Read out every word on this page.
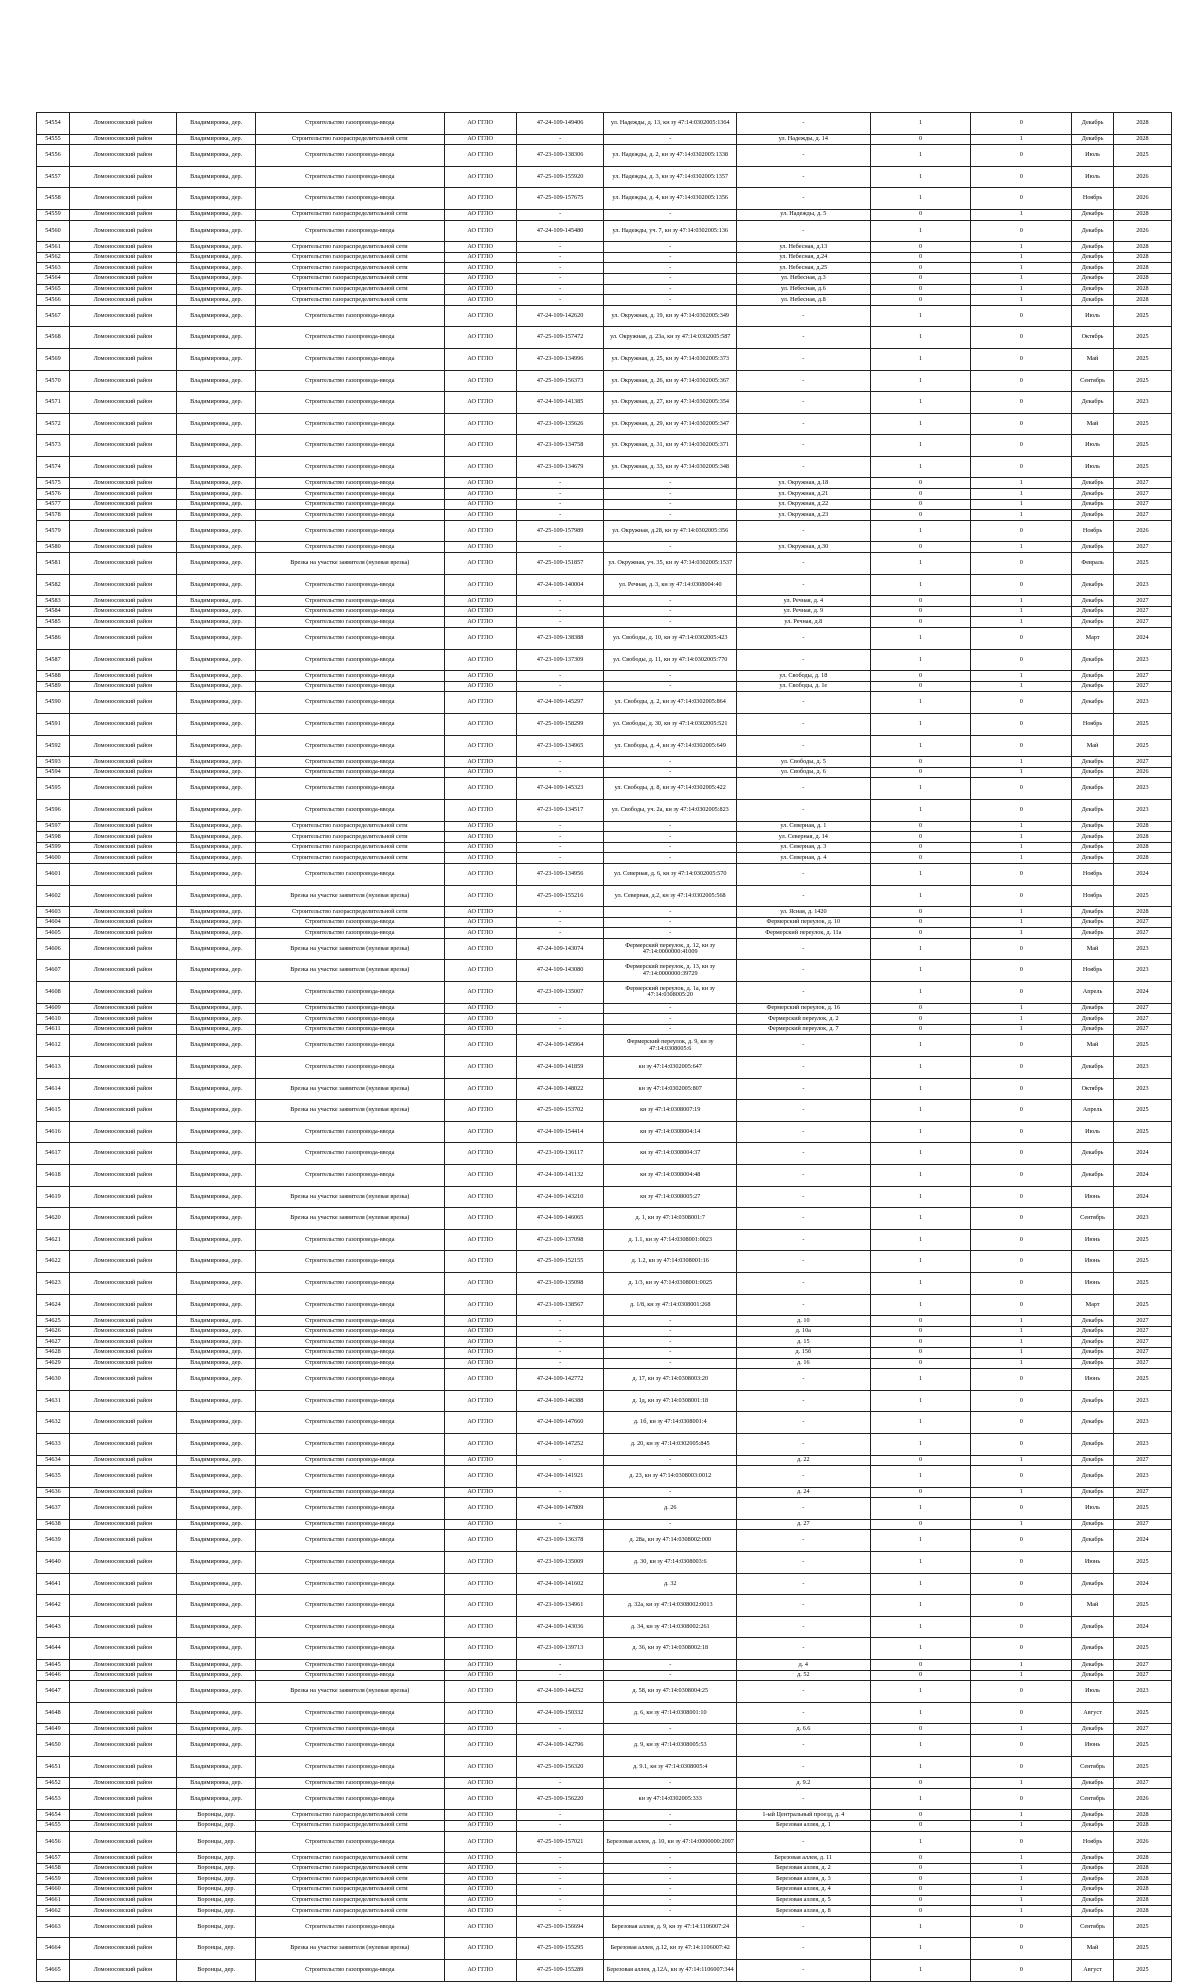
54554	Ломоносовский район	Владимировка, дер.	Строительство газопровода-ввода	АО ГГЛО	47-24-109-149406	ул. Надежды, д. 13, кн зу 47:14:0302005:1364	-	1	0	Декабрь	2028
54555	Ломоносовский район	Владимировка, дер.	Строительство газораспределительной сети	АО ГГЛО	-	-	ул. Надежды, д. 14	0	1	Декабрь	2028
54556	Ломоносовский район	Владимировка, дер.	Строительство газопровода-ввода	АО ГГЛО	47-23-109-138306	ул. Надежды, д. 2, кн зу 47:14:0302005:1338	-	1	0	Июль	2025
54557	Ломоносовский район	Владимировка, дер.	Строительство газопровода-ввода	АО ГГЛО	47-25-109-155920	ул. Надежды, д. 3, кн зу 47:14:0302005:1357	-	1	0	Июль	2026
54558	Ломоносовский район	Владимировка, дер.	Строительство газопровода-ввода	АО ГГЛО	47-25-109-157675	ул. Надежды, д. 4, кн зу 47:14:0302005:1356	-	1	0	Ноябрь	2026
54559	Ломоносовский район	Владимировка, дер.	Строительство газораспределительной сети	АО ГГЛО	-	-	ул. Надежды, д. 5	0	1	Декабрь	2028
54560	Ломоносовский район	Владимировка, дер.	Строительство газопровода-ввода	АО ГГЛО	47-24-109-145480	ул. Надежды, уч. 7, кн зу 47:14:0302005:136	-	1	0	Декабрь	2026
54561	Ломоносовский район	Владимировка, дер.	Строительство газораспределительной сети	АО ГГЛО	-	-	ул. Небесная, д.13	0	1	Декабрь	2028
54562	Ломоносовский район	Владимировка, дер.	Строительство газораспределительной сети	АО ГГЛО	-	-	ул. Небесная, д.24	0	1	Декабрь	2028
54563	Ломоносовский район	Владимировка, дер.	Строительство газораспределительной сети	АО ГГЛО	-	-	ул. Небесная, д.25	0	1	Декабрь	2028
54564	Ломоносовский район	Владимировка, дер.	Строительство газораспределительной сети	АО ГГЛО	-	-	ул. Небесная, д.3	0	1	Декабрь	2028
54565	Ломоносовский район	Владимировка, дер.	Строительство газораспределительной сети	АО ГГЛО	-	-	ул. Небесная, д.6	0	1	Декабрь	2028
54566	Ломоносовский район	Владимировка, дер.	Строительство газораспределительной сети	АО ГГЛО	-	-	ул. Небесная, д.8	0	1	Декабрь	2028
54567	Ломоносовский район	Владимировка, дер.	Строительство газопровода-ввода	АО ГГЛО	47-24-109-142620	ул. Окружная, д. 19, кн зу 47:14:0302005:349	-	1	0	Июль	2025
54568	Ломоносовский район	Владимировка, дер.	Строительство газопровода-ввода	АО ГГЛО	47-25-109-157472	ул. Окружная, д. 23а, кн зу 47:14:0302005:587	-	1	0	Октябрь	2025
54569	Ломоносовский район	Владимировка, дер.	Строительство газопровода-ввода	АО ГГЛО	47-23-109-134996	ул. Окружная, д. 25, кн зу 47:14:0302005:373	-	1	0	Май	2025
54570	Ломоносовский район	Владимировка, дер.	Строительство газопровода-ввода	АО ГГЛО	47-25-109-156373	ул. Окружная, д. 26, кн зу 47:14:0302005:367	-	1	0	Сентябрь	2025
54571	Ломоносовский район	Владимировка, дер.	Строительство газопровода-ввода	АО ГГЛО	47-24-109-141385	ул. Окружная, д. 27, кн зу 47:14:0302005:354	-	1	0	Декабрь	2023
54572	Ломоносовский район	Владимировка, дер.	Строительство газопровода-ввода	АО ГГЛО	47-23-109-135626	ул. Окружная, д. 29, кн зу 47:14:0302005:347	-	1	0	Май	2025
54573	Ломоносовский район	Владимировка, дер.	Строительство газопровода-ввода	АО ГГЛО	47-23-109-134758	ул. Окружная, д. 31, кн зу 47:14:0302005:371	-	1	0	Июль	2025
54574	Ломоносовский район	Владимировка, дер.	Строительство газопровода-ввода	АО ГГЛО	47-23-109-134679	ул. Окружная, д. 33, кн зу 47:14:0302005:348	-	1	0	Июль	2025
54575	Ломоносовский район	Владимировка, дер.	Строительство газопровода-ввода	АО ГГЛО	-	-	ул. Окружная, д.18	0	1	Декабрь	2027
54576	Ломоносовский район	Владимировка, дер.	Строительство газопровода-ввода	АО ГГЛО	-	-	ул. Окружная, д.21	0	1	Декабрь	2027
54577	Ломоносовский район	Владимировка, дер.	Строительство газопровода-ввода	АО ГГЛО	-	-	ул. Окружная, д.22	0	1	Декабрь	2027
54578	Ломоносовский район	Владимировка, дер.	Строительство газопровода-ввода	АО ГГЛО	-	-	ул. Окружная, д.23	0	1	Декабрь	2027
54579	Ломоносовский район	Владимировка, дер.	Строительство газопровода-ввода	АО ГГЛО	47-25-109-157989	ул. Окружная, д.28, кн зу 47:14:0302005:356	-	1	0	Ноябрь	2026
54580	Ломоносовский район	Владимировка, дер.	Строительство газопровода-ввода	АО ГГЛО	-	-	ул. Окружная, д.30	0	1	Декабрь	2027
54581	Ломоносовский район	Владимировка, дер.	Врезка на участке заявителя (нулевая врезка)	АО ГГЛО	47-25-109-151857	ул. Окружная, уч. 35, кн зу 47:14:0302005:1537	-	1	0	Февраль	2025
54582	Ломоносовский район	Владимировка, дер.	Строительство газопровода-ввода	АО ГГЛО	47-24-109-140004	ул. Речная, д. 3, кн зу 47:14:0308004:40	-	1	0	Декабрь	2023
54583	Ломоносовский район	Владимировка, дер.	Строительство газопровода-ввода	АО ГГЛО	-	-	ул. Речная, д. 4	0	1	Декабрь	2027
54584	Ломоносовский район	Владимировка, дер.	Строительство газопровода-ввода	АО ГГЛО	-	-	ул. Речная, д. 9	0	1	Декабрь	2027
54585	Ломоносовский район	Владимировка, дер.	Строительство газопровода-ввода	АО ГГЛО	-	-	ул. Речная, д.8	0	1	Декабрь	2027
54586	Ломоносовский район	Владимировка, дер.	Строительство газопровода-ввода	АО ГГЛО	47-23-109-138388	ул. Свободы, д. 10, кн зу 47:14:0302005:423	-	1	0	Март	2024
54587	Ломоносовский район	Владимировка, дер.	Строительство газопровода-ввода	АО ГГЛО	47-23-109-137309	ул. Свободы, д. 11, кн зу 47:14:0302005:770	-	1	0	Декабрь	2023
54588	Ломоносовский район	Владимировка, дер.	Строительство газопровода-ввода	АО ГГЛО	-	-	ул. Свободы, д. 18	0	1	Декабрь	2027
54589	Ломоносовский район	Владимировка, дер.	Строительство газопровода-ввода	АО ГГЛО	-	-	ул. Свободы, д. 1е	0	1	Декабрь	2027
54590	Ломоносовский район	Владимировка, дер.	Строительство газопровода-ввода	АО ГГЛО	47-24-109-145297	ул. Свободы, д. 2, кн зу 47:14:0302005:864	-	1	0	Декабрь	2023
54591	Ломоносовский район	Владимировка, дер.	Строительство газопровода-ввода	АО ГГЛО	47-25-109-158299	ул. Свободы, д. 30, кн зу 47:14:0302005:521	-	1	0	Ноябрь	2025
54592	Ломоносовский район	Владимировка, дер.	Строительство газопровода-ввода	АО ГГЛО	47-23-109-134965	ул. Свободы, д. 4, кн зу 47:14:0302005:649	-	1	0	Май	2025
54593	Ломоносовский район	Владимировка, дер.	Строительство газопровода-ввода	АО ГГЛО	-	-	ул. Свободы, д. 5	0	1	Декабрь	2027
54594	Ломоносовский район	Владимировка, дер.	Строительство газопровода-ввода	АО ГГЛО	-	-	ул. Свободы, д. 6	0	1	Декабрь	2026
54595	Ломоносовский район	Владимировка, дер.	Строительство газопровода-ввода	АО ГГЛО	47-24-109-145323	ул. Свободы, д. 8, кн зу 47:14:0302005:422	-	1	0	Декабрь	2023
54596	Ломоносовский район	Владимировка, дер.	Строительство газопровода-ввода	АО ГГЛО	47-23-109-134517	ул. Свободы, уч. 2а, кн зу 47:14:0302005:823	-	1	0	Декабрь	2023
54597	Ломоносовский район	Владимировка, дер.	Строительство газораспределительной сети	АО ГГЛО	-	-	ул. Северная, д. 1	0	1	Декабрь	2028
54598	Ломоносовский район	Владимировка, дер.	Строительство газораспределительной сети	АО ГГЛО	-	-	ул. Северная, д. 14	0	1	Декабрь	2028
54599	Ломоносовский район	Владимировка, дер.	Строительство газораспределительной сети	АО ГГЛО	-	-	ул. Северная, д. 3	0	1	Декабрь	2028
54600	Ломоносовский район	Владимировка, дер.	Строительство газораспределительной сети	АО ГГЛО	-	-	ул. Северная, д. 4	0	1	Декабрь	2028
54601	Ломоносовский район	Владимировка, дер.	Строительство газопровода-ввода	АО ГГЛО	47-23-109-134956	ул. Северная, д. 6, кн зу 47:14:0302005:570	-	1	0	Ноябрь	2024
54602	Ломоносовский район	Владимировка, дер.	Врезка на участке заявителя (нулевая врезка)	АО ГГЛО	47-25-109-155216	ул. Северная, д.2, кн зу 47:14:0302005:568	-	1	0	Ноябрь	2025
54603	Ломоносовский район	Владимировка, дер.	Строительство газораспределительной сети	АО ГГЛО	-	-	ул. Ясная, д. 1420	0	1	Декабрь	2028
54604	Ломоносовский район	Владимировка, дер.	Строительство газопровода-ввода	АО ГГЛО	-	-	Фермерский переулок, д. 10	0	1	Декабрь	2027
54605	Ломоносовский район	Владимировка, дер.	Строительство газопровода-ввода	АО ГГЛО	-	-	Фермерский переулок, д. 11а	0	1	Декабрь	2027
54606	Ломоносовский район	Владимировка, дер.	Врезка на участке заявителя (нулевая врезка)	АО ГГЛО	47-24-109-143074	Фермерский переулок, д. 12, кн зу 47:14:0000000:41009	-	1	0	Май	2023
54607	Ломоносовский район	Владимировка, дер.	Врезка на участке заявителя (нулевая врезка)	АО ГГЛО	47-24-109-143080	Фермерский переулок, д. 13, кн зу 47:14:0000000:39729	-	1	0	Ноябрь	2023
54608	Ломоносовский район	Владимировка, дер.	Строительство газопровода-ввода	АО ГГЛО	47-23-109-135007	Фермерский переулок, д. 1а, кн зу 47:14:0308005:20	-	1	0	Апрель	2024
54609	Ломоносовский район	Владимировка, дер.	Строительство газопровода-ввода	АО ГГЛО	-	-	Фермерский переулок, д. 16	0	1	Декабрь	2027
54610	Ломоносовский район	Владимировка, дер.	Строительство газопровода-ввода	АО ГГЛО	-	-	Фермерский переулок, д. 2	0	1	Декабрь	2027
54611	Ломоносовский район	Владимировка, дер.	Строительство газопровода-ввода	АО ГГЛО	-	-	Фермерский переулок, д. 7	0	1	Декабрь	2027
54612	Ломоносовский район	Владимировка, дер.	Строительство газопровода-ввода	АО ГГЛО	47-24-109-145964	Фермерский переулок, д. 9, кн зу 47:14:0308005:6	-	1	0	Май	2025
54613	Ломоносовский район	Владимировка, дер.	Строительство газопровода-ввода	АО ГГЛО	47-24-109-141859	кн зу 47:14:0302005:647	-	1	0	Декабрь	2023
54614	Ломоносовский район	Владимировка, дер.	Врезка на участке заявителя (нулевая врезка)	АО ГГЛО	47-24-109-148022	кн зу 47:14:0302005:807	-	1	0	Октябрь	2023
54615	Ломоносовский район	Владимировка, дер.	Врезка на участке заявителя (нулевая врезка)	АО ГГЛО	47-25-109-153702	кн зу 47:14:0308007:19	-	1	0	Апрель	2025
54616	Ломоносовский район	Владимировка, дер.	Строительство газопровода-ввода	АО ГГЛО	47-24-109-154414	кн зу 47:14:0308004:14	-	1	0	Июль	2025
54617	Ломоносовский район	Владимировка, дер.	Строительство газопровода-ввода	АО ГГЛО	47-23-109-136117	кн зу 47:14:0308004:37	-	1	0	Декабрь	2024
54618	Ломоносовский район	Владимировка, дер.	Строительство газопровода-ввода	АО ГГЛО	47-24-109-141132	кн зу 47:14:0308004:48	-	1	0	Декабрь	2024
54619	Ломоносовский район	Владимировка, дер.	Врезка на участке заявителя (нулевая врезка)	АО ГГЛО	47-24-109-143210	кн зу 47:14:0308005:27	-	1	0	Июнь	2024
54620	Ломоносовский район	Владимировка, дер.	Врезка на участке заявителя (нулевая врезка)	АО ГГЛО	47-24-109-146065	д. 1, кн зу 47:14:0308001:7	-	1	0	Сентябрь	2023
54621	Ломоносовский район	Владимировка, дер.	Строительство газопровода-ввода	АО ГГЛО	47-23-109-137098	д. 1.1, кн зу 47:14:0308001:0023	-	1	0	Июнь	2025
54622	Ломоносовский район	Владимировка, дер.	Строительство газопровода-ввода	АО ГГЛО	47-25-109-152155	д. 1.2, кн зу 47:14:0308001:16	-	1	0	Июнь	2025
54623	Ломоносовский район	Владимировка, дер.	Строительство газопровода-ввода	АО ГГЛО	47-23-109-135098	д. 1/3, кн зу 47:14:0308001:0025	-	1	0	Июнь	2025
54624	Ломоносовский район	Владимировка, дер.	Строительство газопровода-ввода	АО ГГЛО	47-23-109-138567	д. 1/8, кн зу 47:14:0308001:268	-	1	0	Март	2025
54625	Ломоносовский район	Владимировка, дер.	Строительство газопровода-ввода	АО ГГЛО	-	-	д. 10	0	1	Декабрь	2027
54626	Ломоносовский район	Владимировка, дер.	Строительство газопровода-ввода	АО ГГЛО	-	-	д. 10а	0	1	Декабрь	2027
54627	Ломоносовский район	Владимировка, дер.	Строительство газопровода-ввода	АО ГГЛО	-	-	д. 15	0	1	Декабрь	2027
54628	Ломоносовский район	Владимировка, дер.	Строительство газопровода-ввода	АО ГГЛО	-	-	д. 15б	0	1	Декабрь	2027
54629	Ломоносовский район	Владимировка, дер.	Строительство газопровода-ввода	АО ГГЛО	-	-	д. 16	0	1	Декабрь	2027
54630	Ломоносовский район	Владимировка, дер.	Строительство газопровода-ввода	АО ГГЛО	47-24-109-142772	д. 17, кн зу 47:14:0308003:20	-	1	0	Июнь	2025
54631	Ломоносовский район	Владимировка, дер.	Строительство газопровода-ввода	АО ГГЛО	47-24-109-146388	д. 1д, кн зу 47:14:0308001:18	-	1	0	Декабрь	2023
54632	Ломоносовский район	Владимировка, дер.	Строительство газопровода-ввода	АО ГГЛО	47-24-109-147660	д. 1б, кн зу 47:14:0308001:4	-	1	0	Декабрь	2023
54633	Ломоносовский район	Владимировка, дер.	Строительство газопровода-ввода	АО ГГЛО	47-24-109-147252	д. 20, кн зу 47:14:0302005:845	-	1	0	Декабрь	2023
54634	Ломоносовский район	Владимировка, дер.	Строительство газопровода-ввода	АО ГГЛО	-	-	д. 22	0	1	Декабрь	2027
54635	Ломоносовский район	Владимировка, дер.	Строительство газопровода-ввода	АО ГГЛО	47-24-109-141921	д. 23, кн зу 47:14:0308003:0012	-	1	0	Декабрь	2023
54636	Ломоносовский район	Владимировка, дер.	Строительство газопровода-ввода	АО ГГЛО	-	-	д. 24	0	1	Декабрь	2027
54637	Ломоносовский район	Владимировка, дер.	Строительство газопровода-ввода	АО ГГЛО	47-24-109-147809	д. 26	-	1	0	Июль	2025
54638	Ломоносовский район	Владимировка, дер.	Строительство газопровода-ввода	АО ГГЛО	-	-	д. 27	0	1	Декабрь	2027
54639	Ломоносовский район	Владимировка, дер.	Строительство газопровода-ввода	АО ГГЛО	47-23-109-136378	д. 28а, кн зу 47:14:0308002:000	-	1	0	Декабрь	2024
54640	Ломоносовский район	Владимировка, дер.	Строительство газопровода-ввода	АО ГГЛО	47-23-109-135009	д. 30, кн зу 47:14:0308003:6	-	1	0	Июнь	2025
54641	Ломоносовский район	Владимировка, дер.	Строительство газопровода-ввода	АО ГГЛО	47-24-109-141602	д. 32	-	1	0	Декабрь	2024
54642	Ломоносовский район	Владимировка, дер.	Строительство газопровода-ввода	АО ГГЛО	47-23-109-134961	д. 32а, кн зу 47:14:0308002:0013	-	1	0	Май	2025
54643	Ломоносовский район	Владимировка, дер.	Строительство газопровода-ввода	АО ГГЛО	47-24-109-143036	д. 34, кн зу 47:14:0308002:261	-	1	0	Декабрь	2024
54644	Ломоносовский район	Владимировка, дер.	Строительство газопровода-ввода	АО ГГЛО	47-23-109-139713	д. 36, кн зу 47:14:0308002:18	-	1	0	Декабрь	2025
54645	Ломоносовский район	Владимировка, дер.	Строительство газопровода-ввода	АО ГГЛО	-	-	д. 4	0	1	Декабрь	2027
54646	Ломоносовский район	Владимировка, дер.	Строительство газопровода-ввода	АО ГГЛО	-	-	д. 52	0	1	Декабрь	2027
54647	Ломоносовский район	Владимировка, дер.	Врезка на участке заявителя (нулевая врезка)	АО ГГЛО	47-24-109-144252	д. 58, кн зу 47:14:0308004:25	-	1	0	Июль	2023
54648	Ломоносовский район	Владимировка, дер.	Строительство газопровода-ввода	АО ГГЛО	47-24-109-150332	д. 6, кн зу 47:14:0308001:10	-	1	0	Август	2025
54649	Ломоносовский район	Владимировка, дер.	Строительство газопровода-ввода	АО ГГЛО	-	-	д. 6.6	0	1	Декабрь	2027
54650	Ломоносовский район	Владимировка, дер.	Строительство газопровода-ввода	АО ГГЛО	47-24-109-142796	д. 9, кн зу 47:14:0308005:53	-	1	0	Июнь	2025
54651	Ломоносовский район	Владимировка, дер.	Строительство газопровода-ввода	АО ГГЛО	47-25-109-156320	д. 9.1, кн зу 47:14:0308005:4	-	1	0	Сентябрь	2025
54652	Ломоносовский район	Владимировка, дер.	Строительство газопровода-ввода	АО ГГЛО	-	-	д. 9.2	0	1	Декабрь	2027
54653	Ломоносовский район	Владимировка, дер.	Строительство газопровода-ввода	АО ГГЛО	47-25-109-156220	кн зу 47:14:0302005:333	-	1	0	Сентябрь	2026
54654	Ломоносовский район	Воронцы, дер.	Строительство газораспределительной сети	АО ГГЛО	-	-	1-ый Центральный проезд, д. 4	0	1	Декабрь	2028
54655	Ломоносовский район	Воронцы, дер.	Строительство газораспределительной сети	АО ГГЛО	-	-	Березовая аллея, д. 1	0	1	Декабрь	2028
54656	Ломоносовский район	Воронцы, дер.	Строительство газопровода-ввода	АО ГГЛО	47-25-109-157021	Березовая аллея, д. 10, кн зу 47:14:0000000:2097	-	1	0	Ноябрь	2026
54657	Ломоносовский район	Воронцы, дер.	Строительство газораспределительной сети	АО ГГЛО	-	-	Березовая аллея, д. 11	0	1	Декабрь	2028
54658	Ломоносовский район	Воронцы, дер.	Строительство газораспределительной сети	АО ГГЛО	-	-	Березовая аллея, д. 2	0	1	Декабрь	2028
54659	Ломоносовский район	Воронцы, дер.	Строительство газораспределительной сети	АО ГГЛО	-	-	Березовая аллея, д. 3	0	1	Декабрь	2028
54660	Ломоносовский район	Воронцы, дер.	Строительство газораспределительной сети	АО ГГЛО	-	-	Березовая аллея, д. 4	0	1	Декабрь	2028
54661	Ломоносовский район	Воронцы, дер.	Строительство газораспределительной сети	АО ГГЛО	-	-	Березовая аллея, д. 5	0	1	Декабрь	2028
54662	Ломоносовский район	Воронцы, дер.	Строительство газораспределительной сети	АО ГГЛО	-	-	Березовая аллея, д. 8	0	1	Декабрь	2028
54663	Ломоносовский район	Воронцы, дер.	Строительство газопровода-ввода	АО ГГЛО	47-25-109-156694	Березовая аллея, д. 9, кн зу 47:14:1106007:24	-	1	0	Сентябрь	2025
54664	Ломоносовский район	Воронцы, дер.	Врезка на участке заявителя (нулевая врезка)	АО ГГЛО	47-25-109-155295	Березовая аллея, д.12, кн зу 47:14:1106007:42	-	1	0	Май	2025
54665	Ломоносовский район	Воронцы, дер.	Строительство газопровода-ввода	АО ГГЛО	47-25-109-155289	Березовая аллея, д.12А, кн зу 47:14:1106007:344	-	1	0	Август	2025
